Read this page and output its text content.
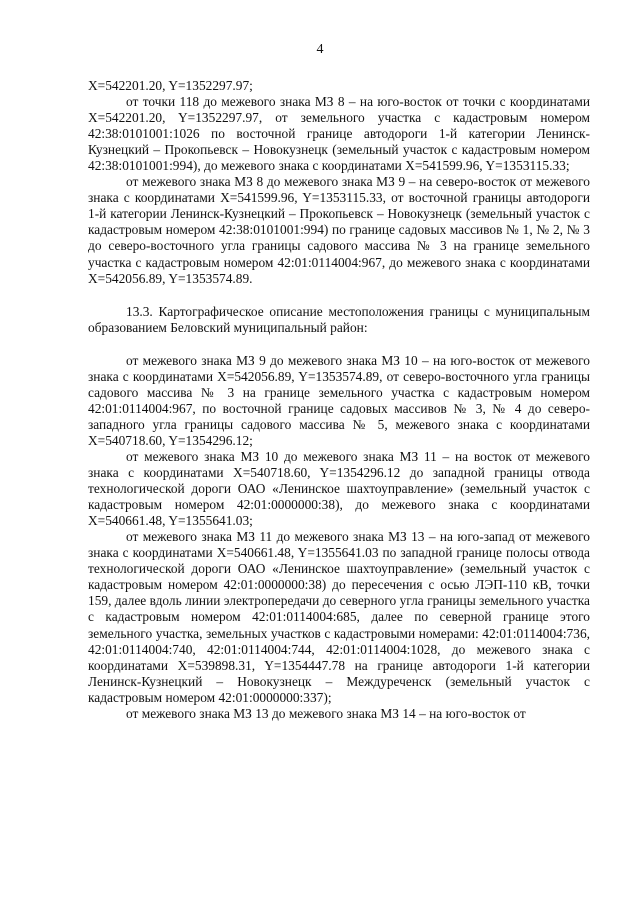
4

X=542201.20, Y=1352297.97;

от точки 118 до межевого знака МЗ 8 – на юго-восток от точки с координатами X=542201.20, Y=1352297.97, от земельного участка с кадастровым номером 42:38:0101001:1026 по восточной границе автодороги 1-й категории Ленинск-Кузнецкий – Прокопьевск – Новокузнецк (земельный участок с кадастровым номером 42:38:0101001:994), до межевого знака с координатами X=541599.96, Y=1353115.33;

от межевого знака МЗ 8 до межевого знака МЗ 9 – на северо-восток от межевого знака с координатами X=541599.96, Y=1353115.33, от восточной границы автодороги 1-й категории Ленинск-Кузнецкий – Прокопьевск – Новокузнецк (земельный участок с кадастровым номером 42:38:0101001:994) по границе садовых массивов № 1, № 2, № 3 до северо-восточного угла границы садового массива № 3 на границе земельного участка с кадастровым номером 42:01:0114004:967, до межевого знака с координатами X=542056.89, Y=1353574.89.

13.3. Картографическое описание местоположения границы с муниципальным образованием Беловский муниципальный район:

от межевого знака МЗ 9 до межевого знака МЗ 10 – на юго-восток от межевого знака с координатами X=542056.89, Y=1353574.89, от северо-восточного угла границы садового массива № 3 на границе земельного участка с кадастровым номером 42:01:0114004:967, по восточной границе садовых массивов № 3, № 4 до северо-западного угла границы садового массива № 5, межевого знака с координатами X=540718.60, Y=1354296.12;

от межевого знака МЗ 10 до межевого знака МЗ 11 – на восток от межевого знака с координатами X=540718.60, Y=1354296.12 до западной границы отвода технологической дороги ОАО «Ленинское шахтоуправление» (земельный участок с кадастровым номером 42:01:0000000:38), до межевого знака с координатами X=540661.48, Y=1355641.03;

от межевого знака МЗ 11 до межевого знака МЗ 13 – на юго-запад от межевого знака с координатами X=540661.48, Y=1355641.03 по западной границе полосы отвода технологической дороги ОАО «Ленинское шахтоуправление» (земельный участок с кадастровым номером 42:01:0000000:38) до пересечения с осью ЛЭП-110 кВ, точки 159, далее вдоль линии электропередачи до северного угла границы земельного участка с кадастровым номером 42:01:0114004:685, далее по северной границе этого земельного участка, земельных участков с кадастровыми номерами: 42:01:0114004:736, 42:01:0114004:740, 42:01:0114004:744, 42:01:0114004:1028, до межевого знака с координатами X=539898.31, Y=1354447.78 на границе автодороги 1-й категории Ленинск-Кузнецкий – Новокузнецк – Междуреченск (земельный участок с кадастровым номером 42:01:0000000:337);

от межевого знака МЗ 13 до межевого знака МЗ 14 – на юго-восток от
